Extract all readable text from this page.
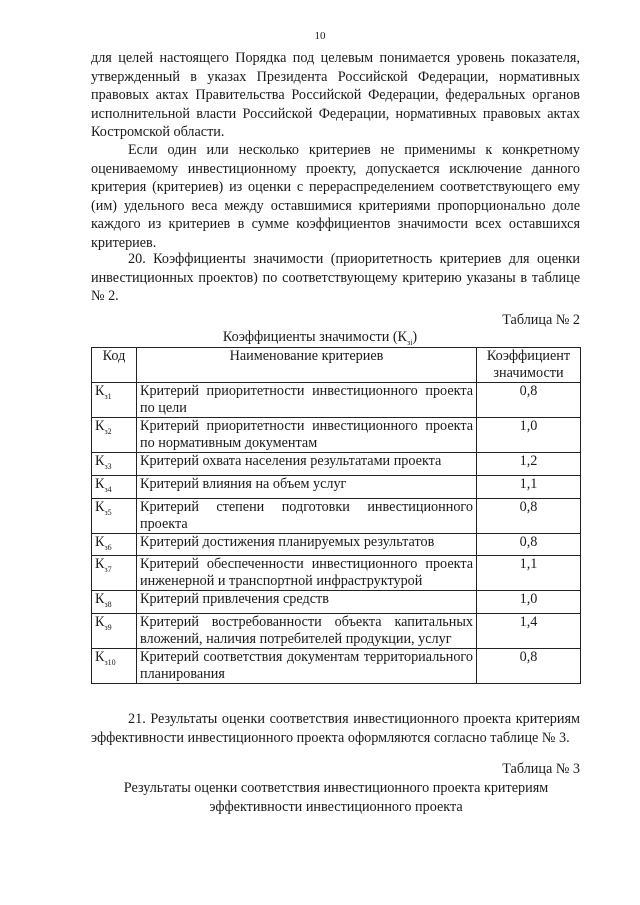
10

для целей настоящего Порядка под целевым понимается уровень показателя, утвержденный в указах Президента Российской Федерации, нормативных правовых актах Правительства Российской Федерации, федеральных органов исполнительной власти Российской Федерации, нормативных правовых актах Костромской области.

Если один или несколько критериев не применимы к конкретному оцениваемому инвестиционному проекту, допускается исключение данного критерия (критериев) из оценки с перераспределением соответствующего ему (им) удельного веса между оставшимися критериями пропорционально доле каждого из критериев в сумме коэффициентов значимости всех оставшихся критериев.

20. Коэффициенты значимости (приоритетность критериев для оценки инвестиционных проектов) по соответствующему критерию указаны в таблице № 2.

Таблица № 2
Коэффициенты значимости $(К_{зi})$
Код	Наименование критериев	Коэффициент значимости
$К_{з1}$	Критерий приоритетности инвестиционного проекта по цели	0,8
$К_{з2}$	Критерий приоритетности инвестиционного проекта по нормативным документам	1,0
$К_{з3}$	Критерий охвата населения результатами проекта	1,2
$К_{з4}$	Критерий влияния на объем услуг	1,1
$К_{з5}$	Критерий степени подготовки инвестиционного проекта	0,8
$К_{з6}$	Критерий достижения планируемых результатов	0,8
$К_{з7}$	Критерий обеспеченности инвестиционного проекта инженерной и транспортной инфраструктурой	1,1
$К_{з8}$	Критерий привлечения средств	1,0
$К_{з9}$	Критерий востребованности объекта капитальных вложений, наличия потребителей продукции, услуг	1,4
$К_{з10}$	Критерий соответствия документам территориального планирования	0,8

21. Результаты оценки соответствия инвестиционного проекта критериям эффективности инвестиционного проекта оформляются согласно таблице № 3.

Таблица № 3
Результаты оценки соответствия инвестиционного проекта критериям эффективности инвестиционного проекта
